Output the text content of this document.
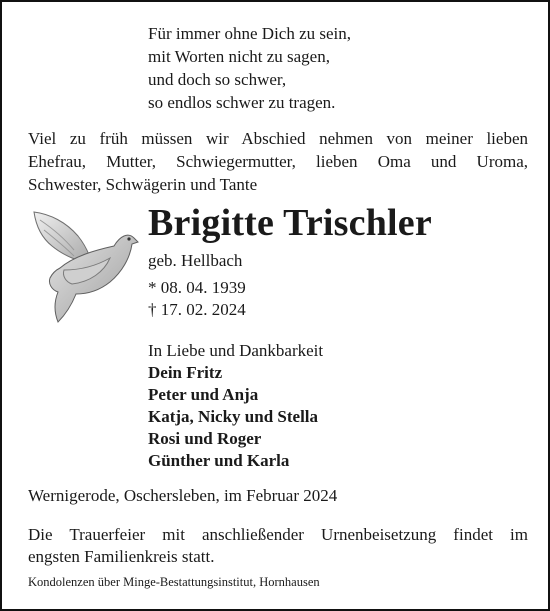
Für immer ohne Dich zu sein,
mit Worten nicht zu sagen,
und doch so schwer,
so endlos schwer zu tragen.
Viel zu früh müssen wir Abschied nehmen von meiner lieben
Ehefrau, Mutter, Schwiegermutter, lieben Oma und Uroma,
Schwester, Schwägerin und Tante
Brigitte Trischler
geb. Hellbach
* 08. 04. 1939
† 17. 02. 2024
In Liebe und Dankbarkeit
Dein Fritz
Peter und Anja
Katja, Nicky und Stella
Rosi und Roger
Günther und Karla
Wernigerode, Oschersleben, im Februar 2024
Die Trauerfeier mit anschließender Urnenbeisetzung findet im
engsten Familienkreis statt.
Kondolenzen über Minge-Bestattungsinstitut, Hornhausen
